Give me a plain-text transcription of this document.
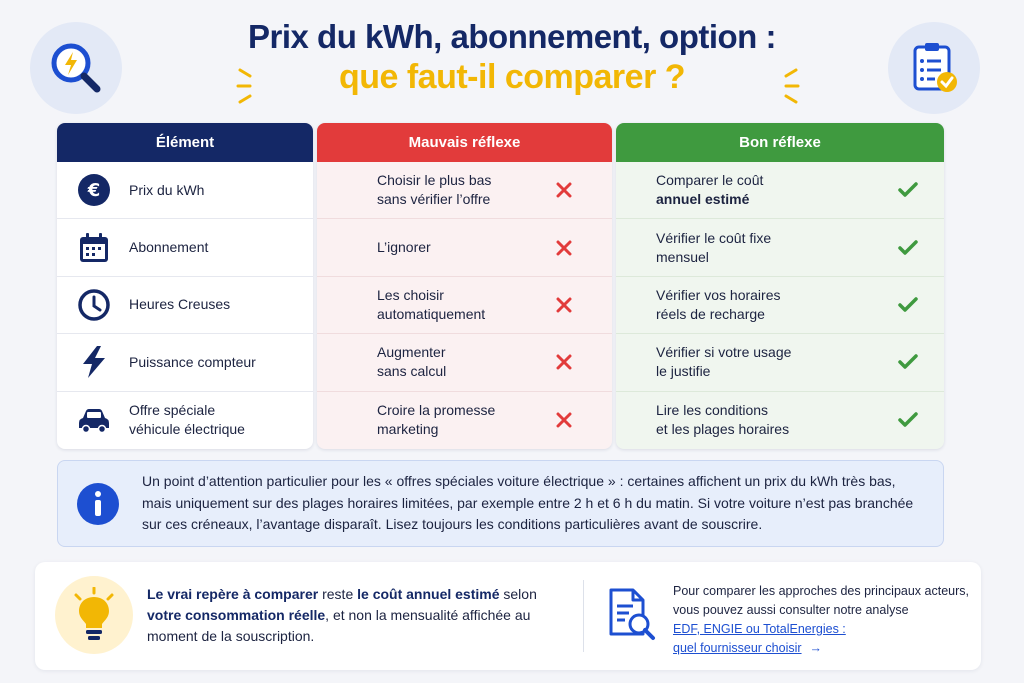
Prix du kWh, abonnement, option :
que faut-il comparer ?
Élément
€ Prix du kWh
Abonnement
Heures Creuses
Puissance compteur
Offre spéciale
véhicule électrique
Mauvais réflexe
Choisir le plus bas
sans vérifier l’offre
L’ignorer
Les choisir
automatiquement
Augmenter
sans calcul
Croire la promesse
marketing
Bon réflexe
Comparer le coût
annuel estimé
Vérifier le coût fixe
mensuel
Vérifier vos horaires
réels de recharge
Vérifier si votre usage
le justifie
Lire les conditions
et les plages horaires
Un point d’attention particulier pour les « offres spéciales voiture électrique » : certaines affichent un prix du kWh très bas, mais uniquement sur des plages horaires limitées, par exemple entre 2 h et 6 h du matin. Si votre voiture n’est pas branchée sur ces créneaux, l’avantage disparaît. Lisez toujours les conditions particulières avant de souscrire.
Le vrai repère à comparer reste le coût annuel estimé selon votre consommation réelle, et non la mensualité affichée au moment de la souscription.
Pour comparer les approches des principaux acteurs, vous pouvez aussi consulter notre analyse
EDF, ENGIE ou TotalEnergies :
quel fournisseur choisir →
